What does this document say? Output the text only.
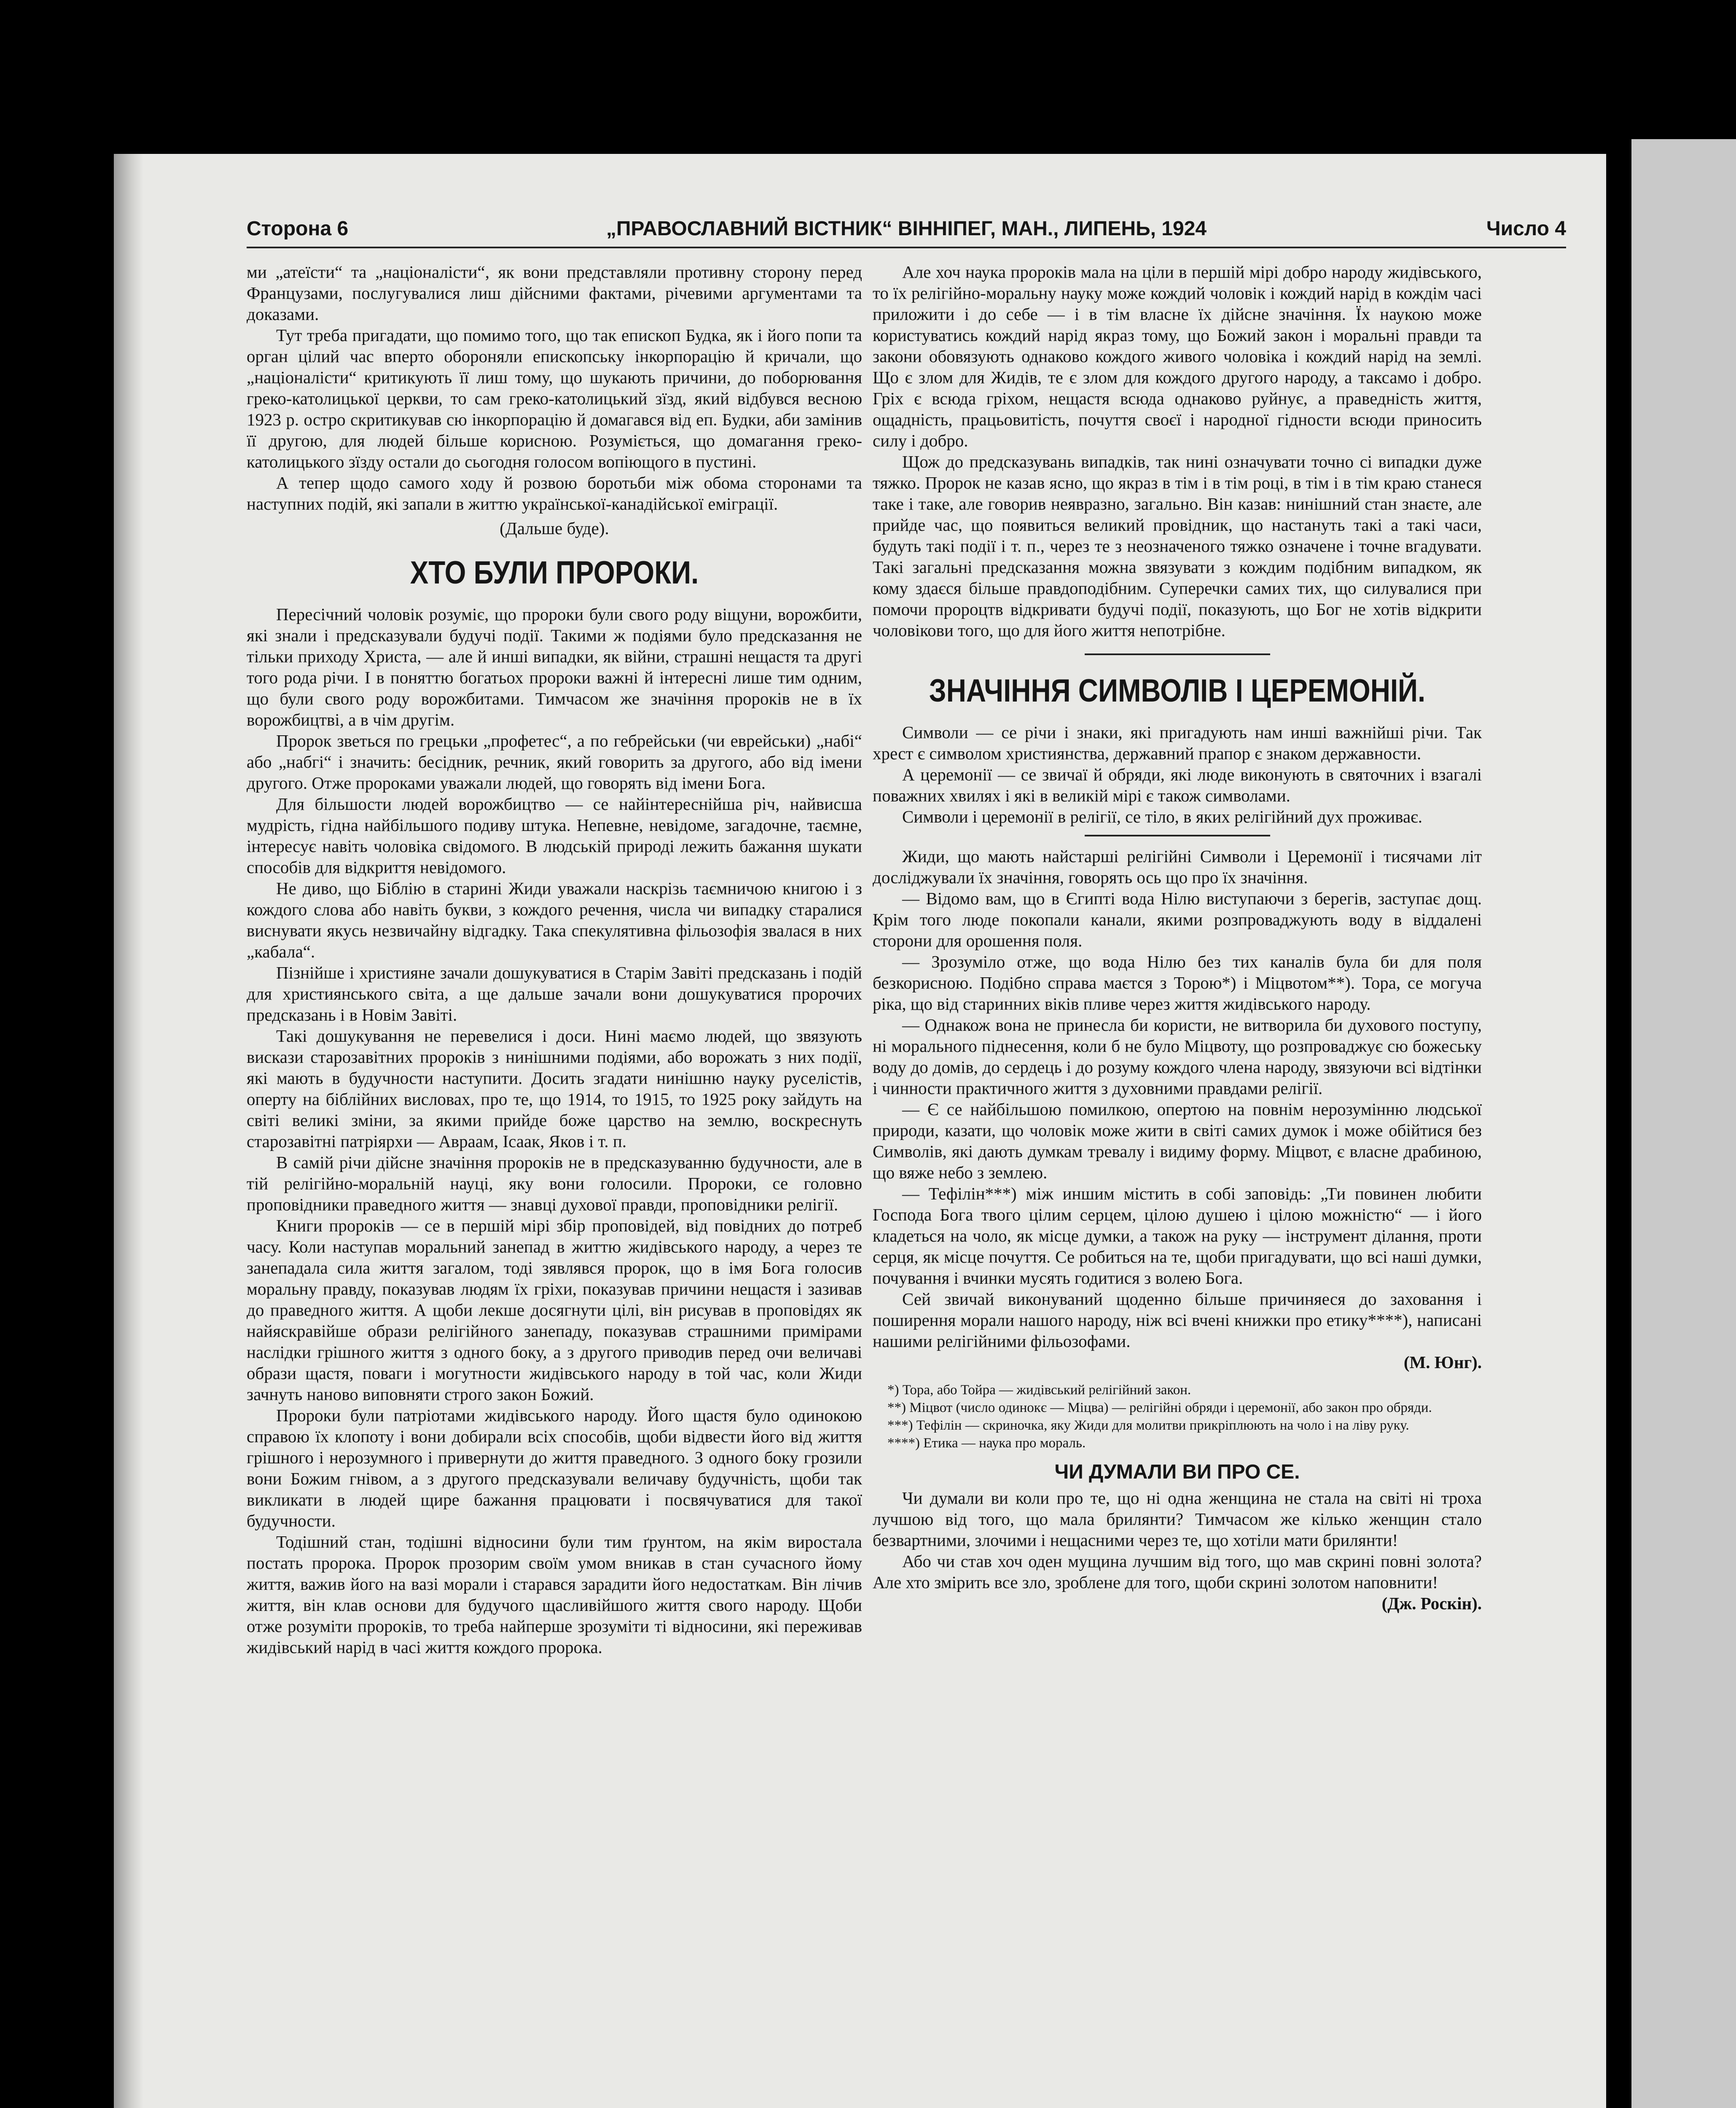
Сторона 6	„ПРАВОСЛАВНИЙ ВІСТНИК“ ВІННІПЕГ, МАН., ЛИПЕНЬ, 1924	Число 4

ми „атеїсти“ та „націоналісти“, як вони представляли противну сторону перед Французами, послугувалися лиш дійсними фактами, річевими аргументами та доказами.

Тут треба пригадати, що помимо того, що так епископ Будка, як і його попи та орган цілий час вперто обороняли епископську інкорпорацію й кричали, що „націоналісти“ критикують її лиш тому, що шукають причини, до поборювання греко-католицької церкви, то сам греко-католицький зїзд, який відбувся весною 1923 р. остро скритикував сю інкорпорацію й домагався від еп. Будки, аби замінив її другою, для людей більше корисною. Розуміється, що домагання греко-католицького зїзду остали до сьогодня голосом вопіющого в пустині.

А тепер щодо самого ходу й розвою боротьби між обома сторонами та наступних подій, які запали в життю української-канадійської еміграції.

(Дальше буде).

ХТО БУЛИ ПРОРОКИ.

Пересічний чоловік розуміє, що пророки були свого роду віщуни, ворожбити, які знали і предсказували будучі події. Такими ж подіями було предсказання не тільки приходу Христа, — але й инші випадки, як війни, страшні нещастя та другі того рода річи. І в поняттю богатьох пророки важні й інтересні лише тим одним, що були свого роду ворожбитами. Тимчасом же значіння пророків не в їх ворожбицтві, а в чім другім.

Пророк зветься по грецьки „профетес“, а по гебрейськи (чи еврейськи) „набі“ або „набгі“ і значить: бесідник, речник, який говорить за другого, або від імени другого. Отже пророками уважали людей, що говорять від імени Бога.

Для більшости людей ворожбицтво — се найінтереснійша річ, найвисша мудрість, гідна найбільшого подиву штука. Непевне, невідоме, загадочне, таємне, інтересує навіть чоловіка свідомого. В людській природі лежить бажання шукати способів для відкриття невідомого.

Не диво, що Біблію в старині Жиди уважали наскрізь таємничою книгою і з кождого слова або навіть букви, з кождого речення, числа чи випадку старалися виснувати якусь незвичайну відгадку. Така спекулятивна фільозофія звалася в них „кабала“.

Пізнійше і християне зачали дошукуватися в Старім Завіті предсказань і подій для християнського світа, а ще дальше зачали вони дошукуватися пророчих предсказань і в Новім Завіті.

Такі дошукування не перевелися і доси. Нині маємо людей, що звязують вискази старозавітних пророків з нинішними подіями, або ворожать з них події, які мають в будучности наступити. Досить згадати нинішню науку руселістів, оперту на біблійних висловах, про те, що 1914, то 1915, то 1925 року зайдуть на світі великі зміни, за якими прийде боже царство на землю, воскреснуть старозавітні патріярхи — Авраам, Ісаак, Яков і т. п.

В самій річи дійсне значіння пророків не в предсказуванню будучности, але в тій релігійно-моральній науці, яку вони голосили. Пророки, се головно проповідники праведного життя — знавці духової правди, проповідники релігії.

Книги пророків — се в першій мірі збір проповідей, від повідних до потреб часу. Коли наступав моральний занепад в життю жидівського народу, а через те занепадала сила життя загалом, тоді зявлявся пророк, що в імя Бога голосив моральну правду, показував людям їх гріхи, показував причини нещастя і зазивав до праведного життя. А щоби лекше досягнути цілі, він рисував в проповідях як найяскравійше образи релігійного занепаду, показував страшними примірами наслідки грішного життя з одного боку, а з другого приводив перед очи величаві образи щастя, поваги і могутности жидівського народу в той час, коли Жиди зачнуть наново виповняти строго закон Божий.

Пророки були патріотами жидівського народу. Його щастя було одинокою справою їх клопоту і вони добирали всіх способів, щоби відвести його від життя грішного і нерозумного і привернути до життя праведного. З одного боку грозили вони Божим гнівом, а з другого предсказували величаву будучність, щоби так викликати в людей щире бажання працювати і посвячуватися для такої будучности.

Тодішний стан, тодішні відносини були тим ґрунтом, на якім виростала постать пророка. Пророк прозорим своїм умом вникав в стан сучасного йому життя, важив його на вазі морали і старався зарадити його недостаткам. Він лічив життя, він клав основи для будучого щасливійшого життя свого народу. Щоби отже розуміти пророків, то треба найперше зрозуміти ті відносини, які переживав жидівський нарід в часі життя кождого пророка.

Але хоч наука пророків мала на ціли в першій мірі добро народу жидівського, то їх релігійно-моральну науку може кождий чоловік і кождий нарід в кождім часі приложити і до себе — і в тім власне їх дійсне значіння. Їх наукою може користуватись кождий нарід якраз тому, що Божий закон і моральні правди та закони обовязують однаково кождого живого чоловіка і кождий нарід на землі. Що є злом для Жидів, те є злом для кождого другого народу, а таксамо і добро. Гріх є всюда гріхом, нещастя всюда однаково руйнує, а праведність життя, ощадність, працьовитість, почуття своєї і народної гідности всюди приносить силу і добро.

Щож до предсказувань випадків, так нині означувати точно сі випадки дуже тяжко. Пророк не казав ясно, що якраз в тім і в тім році, в тім і в тім краю станеся таке і таке, але говорив неявразно, загально. Він казав: нинішний стан знаєте, але прийде час, що появиться великий провідник, що настануть такі а такі часи, будуть такі події і т. п., через те з неозначеного тяжко означене і точне вгадувати. Такі загальні предсказання можна звязувати з кождим подібним випадком, як кому здаєся більше правдоподібним. Суперечки самих тих, що силувалися при помочи пророцтв відкривати будучі події, показують, що Бог не хотів відкрити чоловікови того, що для його життя непотрібне.

ЗНАЧІННЯ СИМВОЛІВ І ЦЕРЕМОНІЙ.

Символи — се річи і знаки, які пригадують нам инші важнійші річи. Так хрест є символом християнства, державний прапор є знаком державности.

А церемонії — се звичаї й обряди, які люде виконують в святочних і взагалі поважних хвилях і які в великій мірі є також символами.

Символи і церемонії в релігії, се тіло, в яких релігійний дух проживає.

Жиди, що мають найстарші релігійні Символи і Церемонії і тисячами літ досліджували їх значіння, говорять ось що про їх значіння.

— Відомо вам, що в Єгипті вода Нілю виступаючи з берегів, заступає дощ. Крім того люде покопали канали, якими розпроваджують воду в віддалені сторони для орошення поля.

— Зрозуміло отже, що вода Нілю без тих каналів була би для поля безкорисною. Подібно справа маєтся з Торою*) і Міцвотом**). Тора, се могуча ріка, що від старинних віків пливе через життя жидівського народу.

— Однакож вона не принесла би користи, не витворила би духового поступу, ні морального піднесення, коли б не було Міцвоту, що розпроваджує сю божеську воду до домів, до сердець і до розуму кождого члена народу, звязуючи всі відтінки і чинности практичного життя з духовними правдами релігії.

— Є се найбільшою помилкою, опертою на повнім нерозумінню людської природи, казати, що чоловік може жити в світі самих думок і може обійтися без Символів, які дають думкам тревалу і видиму форму. Міцвот, є власне драбиною, що вяже небо з землею.

— Тефілін***) між иншим містить в собі заповідь: „Ти повинен любити Господа Бога твого цілим серцем, цілою душею і цілою можністю“ — і його кладеться на чоло, як місце думки, а також на руку — інструмент ділання, проти серця, як місце почуття. Се робиться на те, щоби пригадувати, що всі наші думки, почування і вчинки мусять годитися з волею Бога.

Сей звичай виконуваний щоденно більше причиняеся до заховання і поширення морали нашого народу, ніж всі вчені книжки про етику****), написані нашими релігійними фільозофами.

(М. Юнг).

*) Тора, або Тойра — жидівський релігійний закон.
**) Міцвот (число одинокє — Міцва) — релігійні обряди і церемонії, або закон про обряди.
***) Тефілін — скриночка, яку Жиди для молитви прикріплюють на чоло і на ліву руку.
****) Етика — наука про мораль.
ЧИ ДУМАЛИ ВИ ПРО СЕ.

Чи думали ви коли про те, що ні одна женщина не стала на світі ні троха лучшою від того, що мала брилянти? Тимчасом же кілько женщин стало безвартними, злочими і нещасними через те, що хотіли мати брилянти!

Або чи став хоч оден мущина лучшим від того, що мав скрині повні золота? Але хто змірить все зло, зроблене для того, щоби скрині золотом наповнити!

(Дж. Роскін).
